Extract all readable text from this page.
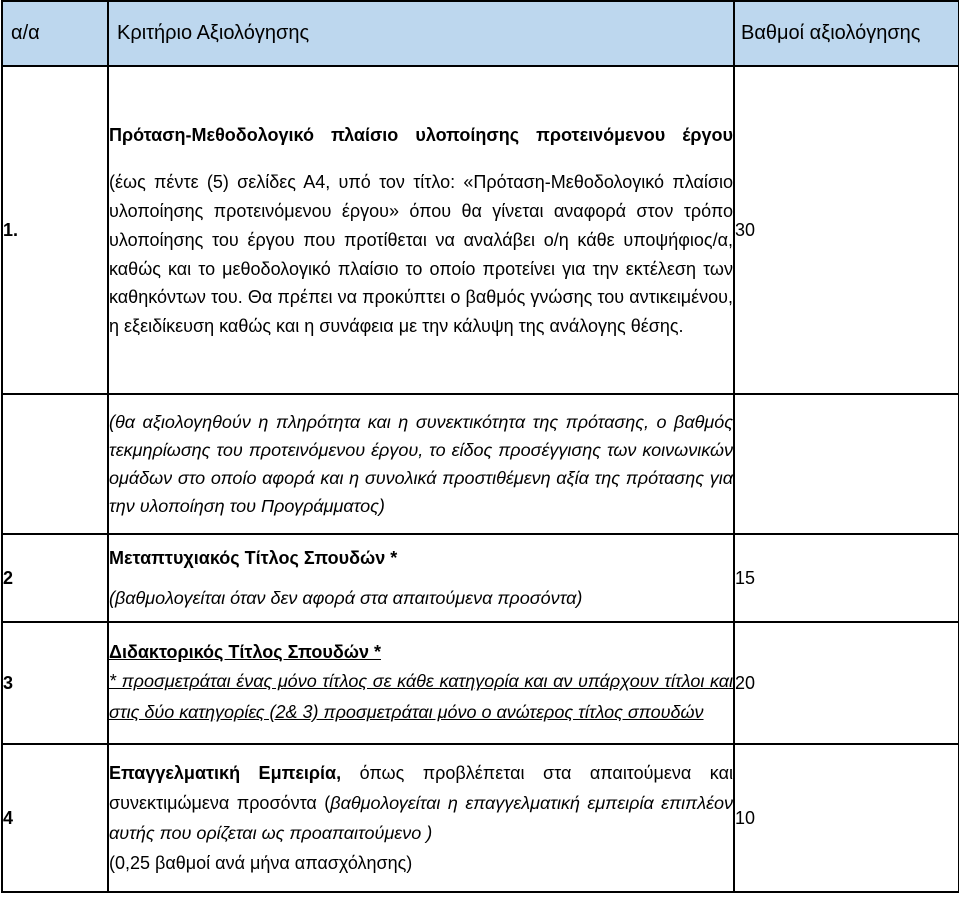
α/α	Κριτήριο Αξιολόγησης	Βαθμοί αξιολόγησης

1.	Πρόταση-Μεθοδολογικό πλαίσιο υλοποίησης προτεινόμενου έργου
(έως πέντε (5) σελίδες Α4, υπό τον τίτλο: «Πρόταση-Μεθοδολογικό πλαίσιο υλοποίησης προτεινόμενου έργου» όπου θα γίνεται αναφορά στον τρόπο υλοποίησης του έργου που προτίθεται να αναλάβει ο/η κάθε υποψήφιος/α, καθώς και το μεθοδολογικό πλαίσιο το οποίο προτείνει για την εκτέλεση των καθηκόντων του. Θα πρέπει να προκύπτει ο βαθμός γνώσης του αντικειμένου, η εξειδίκευση καθώς και η συνάφεια με την κάλυψη της ανάλογης θέσης.	30
	(θα αξιολογηθούν η πληρότητα και η συνεκτικότητα της πρότασης, ο βαθμός τεκμηρίωσης του προτεινόμενου έργου, το είδος προσέγγισης των κοινωνικών ομάδων στο οποίο αφορά και η συνολικά προστιθέμενη αξία της πρότασης για την υλοποίηση του Προγράμματος)	
2	Μεταπτυχιακός Τίτλος Σπουδών *
(βαθμολογείται όταν δεν αφορά στα απαιτούμενα προσόντα)	15
3	Διδακτορικός Τίτλος Σπουδών *
* προσμετράται ένας μόνο τίτλος σε κάθε κατηγορία και αν υπάρχουν τίτλοι και στις δύο κατηγορίες (2& 3) προσμετράται μόνο ο ανώτερος τίτλος σπουδών	20
4	Επαγγελματική Εμπειρία, όπως προβλέπεται στα απαιτούμενα και συνεκτιμώμενα προσόντα (βαθμολογείται η επαγγελματική εμπειρία επιπλέον αυτής που ορίζεται ως προαπαιτούμενο )
(0,25 βαθμοί ανά μήνα απασχόλησης)	10
